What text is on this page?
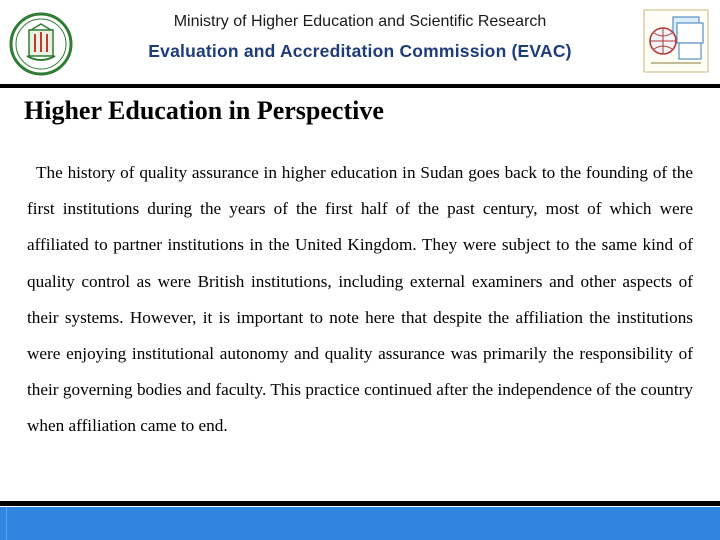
Ministry of Higher Education and Scientific Research
Evaluation and Accreditation Commission (EVAC)
Higher Education in Perspective

The history of quality assurance in higher education in Sudan goes back to the founding of the first institutions during the years of the first half of the past century, most of which were affiliated to partner institutions in the United Kingdom. They were subject to the same kind of quality control as were British institutions, including external examiners and other aspects of their systems. However, it is important to note here that despite the affiliation the institutions were enjoying institutional autonomy and quality assurance was primarily the responsibility of their governing bodies and faculty. This practice continued after the independence of the country when affiliation came to end.
